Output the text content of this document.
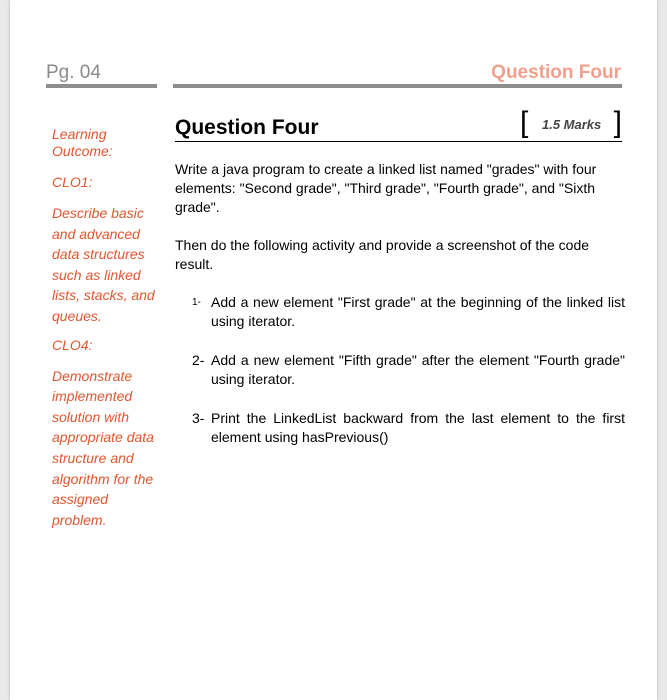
Pg. 04	Question Four
Learning Outcome:
CLO1:
Describe basic and advanced data structures such as linked lists, stacks, and queues.
CLO4:
Demonstrate implemented solution with appropriate data structure and algorithm for the assigned problem.
Question Four	[ 1.5 Marks ]

Write a java program to create a linked list named "grades" with four elements: "Second grade", "Third grade", "Fourth grade", and "Sixth grade".

Then do the following activity and provide a screenshot of the code result.

1- Add a new element "First grade" at the beginning of the linked list using iterator.
2- Add a new element "Fifth grade" after the element "Fourth grade" using iterator.
3- Print the LinkedList backward from the last element to the first element using hasPrevious()
